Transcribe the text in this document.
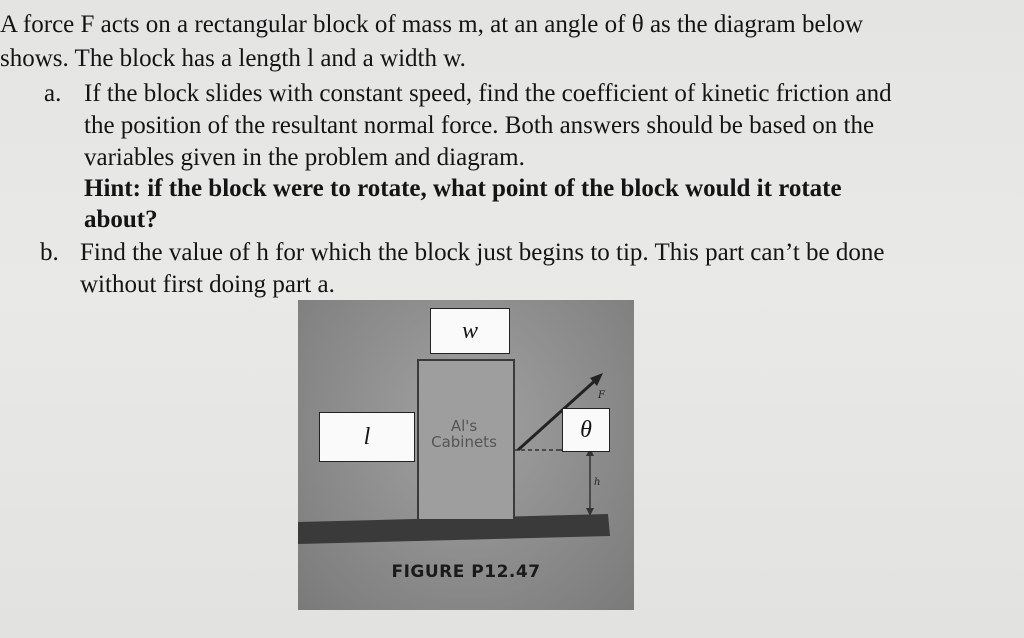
A force F acts on a rectangular block of mass m, at an angle of θ as the diagram below
shows. The block has a length l and a width w.
a. If the block slides with constant speed, find the coefficient of kinetic friction and
the position of the resultant normal force. Both answers should be based on the
variables given in the problem and diagram.
Hint: if the block were to rotate, what point of the block would it rotate
about?
b. Find the value of h for which the block just begins to tip. This part can’t be done
without first doing part a.
F
h
Al's
Cabinets
FIGURE P12.47
w
l	θ
